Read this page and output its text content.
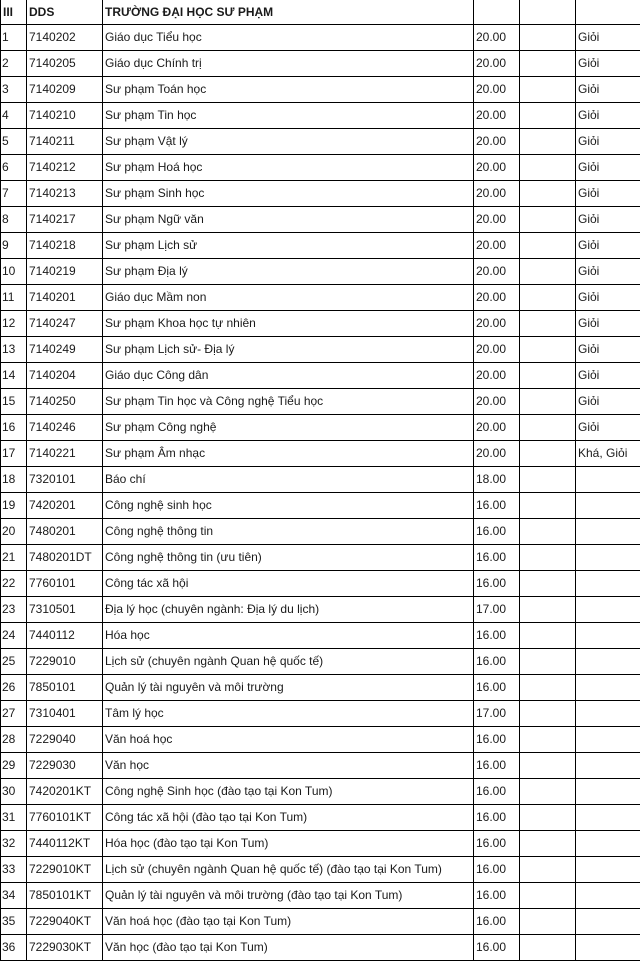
III	DDS	TRƯỜNG ĐẠI HỌC SƯ PHẠM			
1	7140202	Giáo dục Tiểu học	20.00		Giỏi
2	7140205	Giáo dục Chính trị	20.00		Giỏi
3	7140209	Sư phạm Toán học	20.00		Giỏi
4	7140210	Sư phạm Tin học	20.00		Giỏi
5	7140211	Sư phạm Vật lý	20.00		Giỏi
6	7140212	Sư phạm Hoá học	20.00		Giỏi
7	7140213	Sư phạm Sinh học	20.00		Giỏi
8	7140217	Sư phạm Ngữ văn	20.00		Giỏi
9	7140218	Sư phạm Lịch sử	20.00		Giỏi
10	7140219	Sư phạm Địa lý	20.00		Giỏi
11	7140201	Giáo dục Mầm non	20.00		Giỏi
12	7140247	Sư phạm Khoa học tự nhiên	20.00		Giỏi
13	7140249	Sư phạm Lịch sử- Địa lý	20.00		Giỏi
14	7140204	Giáo dục Công dân	20.00		Giỏi
15	7140250	Sư phạm Tin học và Công nghệ Tiểu học	20.00		Giỏi
16	7140246	Sư phạm Công nghệ	20.00		Giỏi
17	7140221	Sư phạm Âm nhạc	20.00		Khá, Giỏi
18	7320101	Báo chí	18.00		
19	7420201	Công nghệ sinh học	16.00		
20	7480201	Công nghệ thông tin	16.00		
21	7480201DT	Công nghệ thông tin (ưu tiên)	16.00		
22	7760101	Công tác xã hội	16.00		
23	7310501	Địa lý học (chuyên ngành: Địa lý du lịch)	17.00		
24	7440112	Hóa học	16.00		
25	7229010	Lịch sử (chuyên ngành Quan hệ quốc tế)	16.00		
26	7850101	Quản lý tài nguyên và môi trường	16.00		
27	7310401	Tâm lý học	17.00		
28	7229040	Văn hoá học	16.00		
29	7229030	Văn học	16.00		
30	7420201KT	Công nghệ Sinh học (đào tạo tại Kon Tum)	16.00		
31	7760101KT	Công tác xã hội (đào tạo tại Kon Tum)	16.00		
32	7440112KT	Hóa học (đào tạo tại Kon Tum)	16.00		
33	7229010KT	Lịch sử (chuyên ngành Quan hệ quốc tế) (đào tạo tại Kon Tum)	16.00		
34	7850101KT	Quản lý tài nguyên và môi trường (đào tạo tại Kon Tum)	16.00		
35	7229040KT	Văn hoá học (đào tạo tại Kon Tum)	16.00		
36	7229030KT	Văn học (đào tạo tại Kon Tum)	16.00		
